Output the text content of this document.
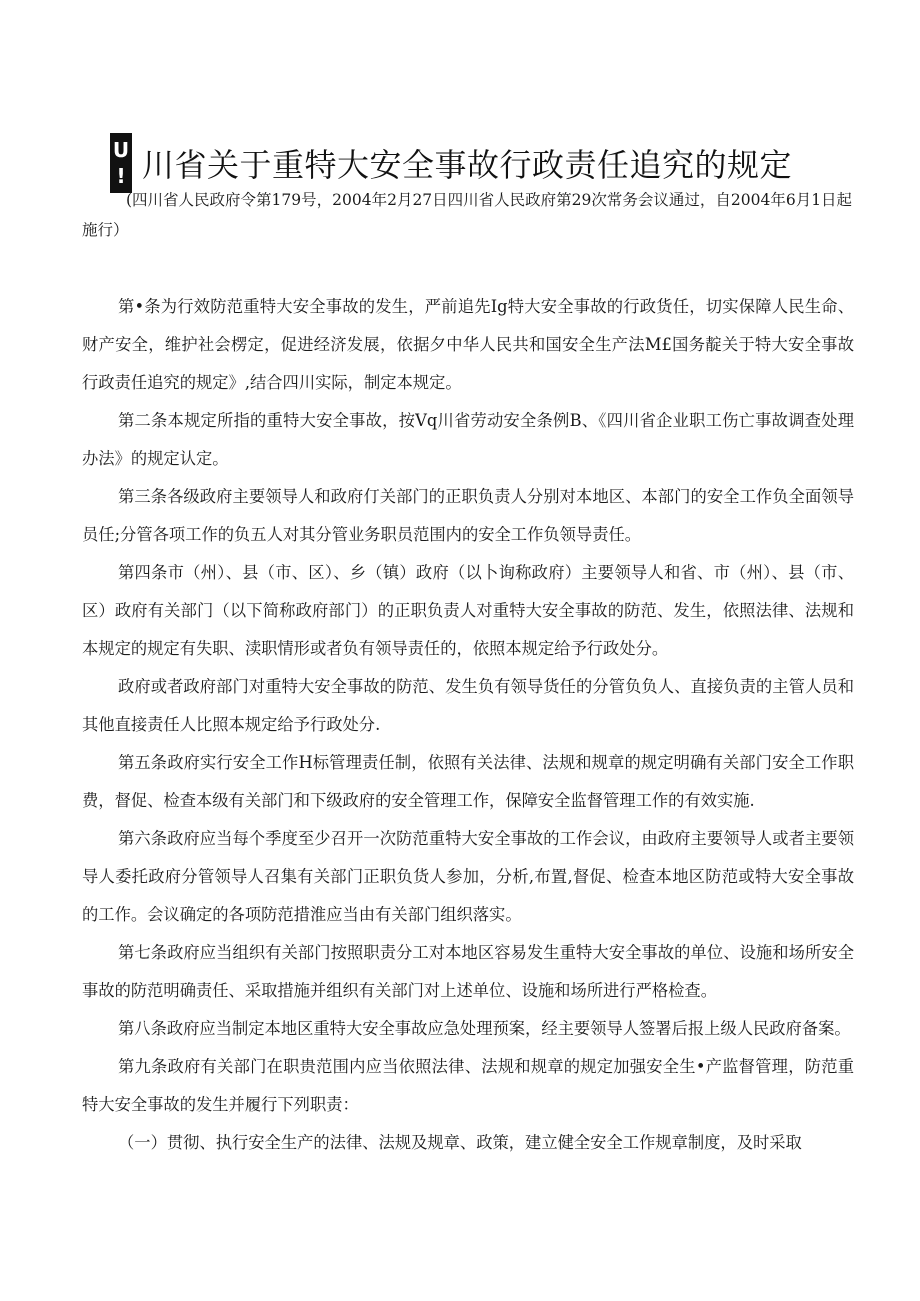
U
! 川省关于重特大安全事故行政责任追究的规定
(四川省人民政府令第179号，2004年2月27日四川省人民政府第29次常务会议通过，自2004年6月1日起施行）

第•条为行效防范重特大安全事故的发生，严前追先Ig特大安全事故的行政货任，切实保障人民生命、财产安全，维护社会楞定，促进经济发展，依据夕中华人民共和国安全生产法M£国务靛关于特大安全事故行政责任追究的规定》,结合四川实际，制定本规定。

第二条本规定所指的重特大安全事故，按Vq川省劳动安全条例B、《四川省企业职工伤亡事故调查处理办法》的规定认定。

第三条各级政府主要领导人和政府仃关部门的正职负责人分别对本地区、本部门的安全工作负全面领导员任;分管各项工作的负五人对其分管业务职员范围内的安全工作负领导责任。

第四条市（州）、县（市、区）、乡（镇）政府（以卜询称政府）主要领导人和省、市（州）、县（市、区）政府有关部门（以下简称政府部门）的正职负责人对重特大安全事故的防范、发生，依照法律、法规和本规定的规定有失职、渎职情形或者负有领导责任的，依照本规定给予行政处分。

政府或者政府部门对重特大安全事故的防范、发生负有领导货任的分管负负人、直接负责的主管人员和其他直接责任人比照本规定给予行政处分.

第五条政府实行安全工作H标管理责任制，依照有关法律、法规和规章的规定明确有关部门安全工作职费，督促、检查本级有关部门和下级政府的安全管理工作，保障安全监督管理工作的有效实施.

第六条政府应当每个季度至少召开一次防范重特大安全事故的工作会议，由政府主要领导人或者主要领导人委托政府分管领导人召集有关部门正职负货人参加，分析,布置,督促、检查本地区防范或特大安全事故的工作。会议确定的各项防范措淮应当由有关部门组织落实。

第七条政府应当组织有关部门按照职责分工对本地区容易发生重特大安全事故的单位、设施和场所安全事故的防范明确责任、采取措施并组织有关部门对上述单位、设施和场所进行严格检查。

第八条政府应当制定本地区重特大安全事故应急处理预案，经主要领导人签署后报上级人民政府备案。

第九条政府有关部门在职贵范围内应当依照法律、法规和规章的规定加强安全生•产监督管理，防范重特大安全事故的发生并履行下列职责：

（一）贯彻、执行安全生产的法律、法规及规章、政策，建立健全安全工作规章制度，及时采取
